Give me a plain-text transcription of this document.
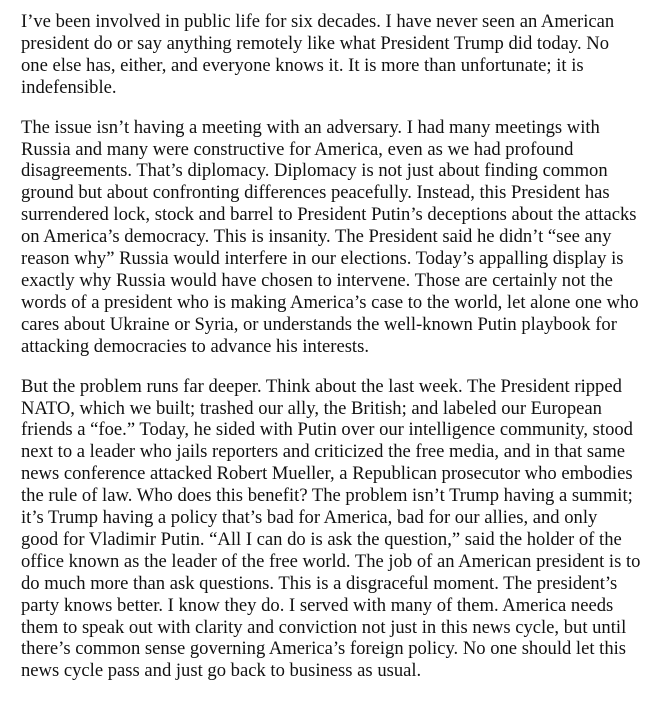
I’ve been involved in public life for six decades. I have never seen an American
president do or say anything remotely like what President Trump did today. No
one else has, either, and everyone knows it. It is more than unfortunate; it is
indefensible.

The issue isn’t having a meeting with an adversary. I had many meetings with
Russia and many were constructive for America, even as we had profound
disagreements. That’s diplomacy. Diplomacy is not just about finding common
ground but about confronting differences peacefully. Instead, this President has
surrendered lock, stock and barrel to President Putin’s deceptions about the attacks
on America’s democracy. This is insanity. The President said he didn’t “see any
reason why” Russia would interfere in our elections. Today’s appalling display is
exactly why Russia would have chosen to intervene. Those are certainly not the
words of a president who is making America’s case to the world, let alone one who
cares about Ukraine or Syria, or understands the well-known Putin playbook for
attacking democracies to advance his interests.

But the problem runs far deeper. Think about the last week. The President ripped
NATO, which we built; trashed our ally, the British; and labeled our European
friends a “foe.” Today, he sided with Putin over our intelligence community, stood
next to a leader who jails reporters and criticized the free media, and in that same
news conference attacked Robert Mueller, a Republican prosecutor who embodies
the rule of law. Who does this benefit? The problem isn’t Trump having a summit;
it’s Trump having a policy that’s bad for America, bad for our allies, and only
good for Vladimir Putin. “All I can do is ask the question,” said the holder of the
office known as the leader of the free world. The job of an American president is to
do much more than ask questions. This is a disgraceful moment. The president’s
party knows better. I know they do. I served with many of them. America needs
them to speak out with clarity and conviction not just in this news cycle, but until
there’s common sense governing America’s foreign policy. No one should let this
news cycle pass and just go back to business as usual.
